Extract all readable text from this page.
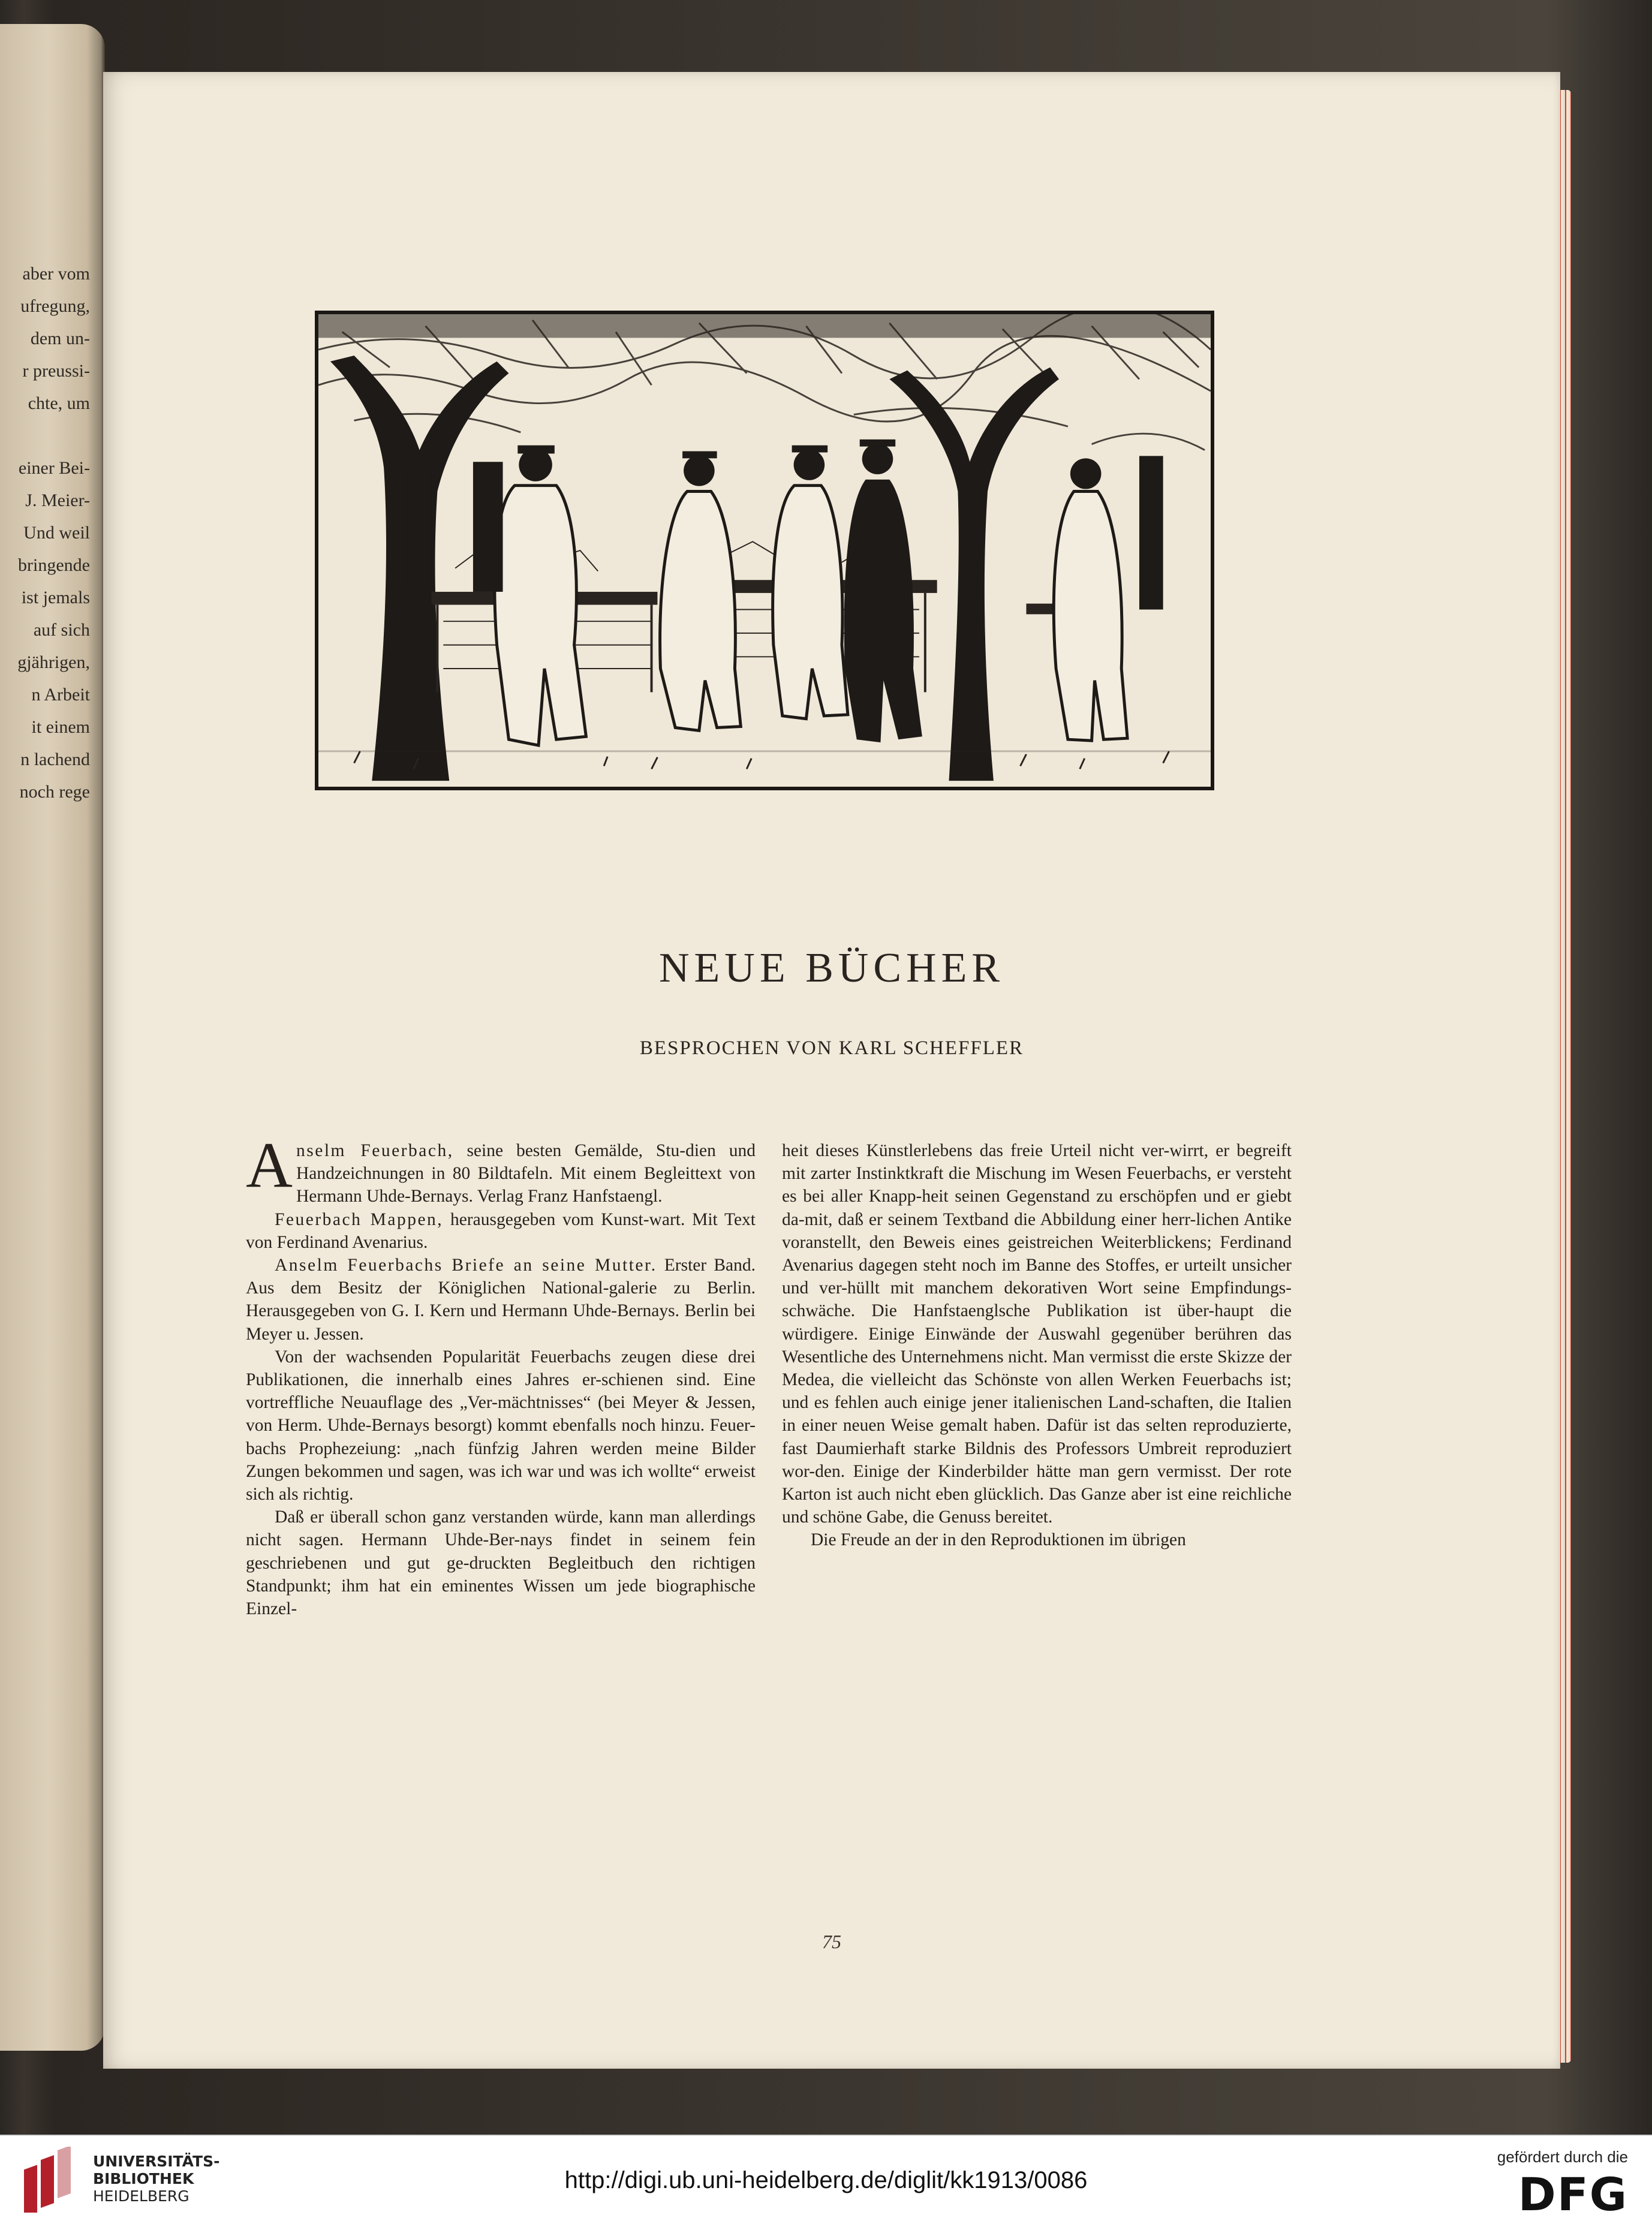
aber vom
ufregung,
dem un-
r preussi-
chte, um
einer Bei-
J. Meier-
Und weil
bringende
ist jemals
auf sich
gjährigen,
n Arbeit
it einem
n lachend
noch rege
NEUE BÜCHER
BESPROCHEN VON KARL SCHEFFLER

Anselm Feuerbach, seine besten Gemälde, Stu-dien und Handzeichnungen in 80 Bildtafeln. Mit einem Begleittext von Hermann Uhde-Bernays. Verlag Franz Hanfstaengl.

Feuerbach Mappen, herausgegeben vom Kunst-wart. Mit Text von Ferdinand Avenarius.

Anselm Feuerbachs Briefe an seine Mutter. Erster Band. Aus dem Besitz der Königlichen National-galerie zu Berlin. Herausgegeben von G. I. Kern und Hermann Uhde-Bernays. Berlin bei Meyer u. Jessen.

Von der wachsenden Popularität Feuerbachs zeugen diese drei Publikationen, die innerhalb eines Jahres er-schienen sind. Eine vortreffliche Neuauflage des „Ver-mächtnisses“ (bei Meyer & Jessen, von Herm. Uhde-Bernays besorgt) kommt ebenfalls noch hinzu. Feuer-bachs Prophezeiung: „nach fünfzig Jahren werden meine Bilder Zungen bekommen und sagen, was ich war und was ich wollte“ erweist sich als richtig.

Daß er überall schon ganz verstanden würde, kann man allerdings nicht sagen. Hermann Uhde-Ber-nays findet in seinem fein geschriebenen und gut ge-druckten Begleitbuch den richtigen Standpunkt; ihm hat ein eminentes Wissen um jede biographische Einzel-

heit dieses Künstlerlebens das freie Urteil nicht ver-wirrt, er begreift mit zarter Instinktkraft die Mischung im Wesen Feuerbachs, er versteht es bei aller Knapp-heit seinen Gegenstand zu erschöpfen und er giebt da-mit, daß er seinem Textband die Abbildung einer herr-lichen Antike voranstellt, den Beweis eines geistreichen Weiterblickens; Ferdinand Avenarius dagegen steht noch im Banne des Stoffes, er urteilt unsicher und ver-hüllt mit manchem dekorativen Wort seine Empfindungs-schwäche. Die Hanfstaenglsche Publikation ist über-haupt die würdigere. Einige Einwände der Auswahl gegenüber berühren das Wesentliche des Unternehmens nicht. Man vermisst die erste Skizze der Medea, die vielleicht das Schönste von allen Werken Feuerbachs ist; und es fehlen auch einige jener italienischen Land-schaften, die Italien in einer neuen Weise gemalt haben. Dafür ist das selten reproduzierte, fast Daumierhaft starke Bildnis des Professors Umbreit reproduziert wor-den. Einige der Kinderbilder hätte man gern vermisst. Der rote Karton ist auch nicht eben glücklich. Das Ganze aber ist eine reichliche und schöne Gabe, die Genuss bereitet.

Die Freude an der in den Reproduktionen im übrigen

75
UNIVERSITÄTS-
BIBLIOTHEK
HEIDELBERG
http://digi.ub.uni-heidelberg.de/diglit/kk1913/0086
gefördert durch die
DFG
